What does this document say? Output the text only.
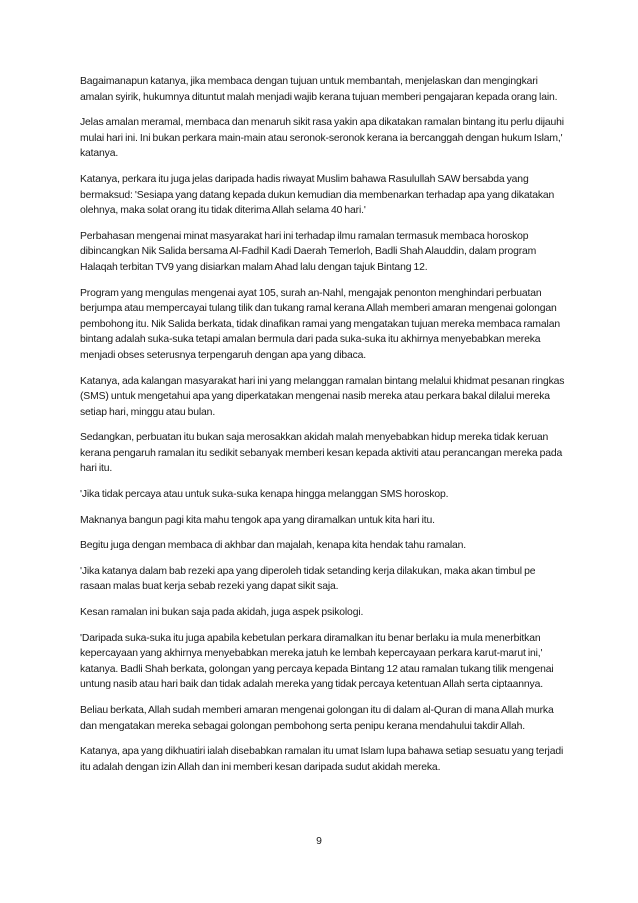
Bagaimanapun katanya, jika membaca dengan tujuan untuk membantah, menjelaskan dan mengingkari amalan syirik, hukumnya dituntut malah menjadi wajib kerana tujuan memberi pengajaran kepada orang lain.

Jelas amalan meramal, membaca dan menaruh sikit rasa yakin apa dikatakan ramalan bintang itu perlu dijauhi mulai hari ini. Ini bukan perkara main-main atau seronok-seronok kerana ia bercanggah dengan hukum Islam,' katanya.

Katanya, perkara itu juga jelas daripada hadis riwayat Muslim bahawa Rasulullah SAW bersabda yang bermaksud: 'Sesiapa yang datang kepada dukun kemudian dia membenarkan terhadap apa yang dikatakan olehnya, maka solat orang itu tidak diterima Allah selama 40 hari.'

Perbahasan mengenai minat masyarakat hari ini terhadap ilmu ramalan termasuk membaca horoskop dibincangkan Nik Salida bersama Al-Fadhil Kadi Daerah Temerloh, Badli Shah Alauddin, dalam program Halaqah terbitan TV9 yang disiarkan malam Ahad lalu dengan tajuk Bintang 12.

Program yang mengulas mengenai ayat 105, surah an-Nahl, mengajak penonton menghindari perbuatan berjumpa atau mempercayai tulang tilik dan tukang ramal kerana Allah memberi amaran mengenai golongan pembohong itu. Nik Salida berkata, tidak dinafikan ramai yang mengatakan tujuan mereka membaca ramalan bintang adalah suka-suka tetapi amalan bermula dari pada suka-suka itu akhirnya menyebabkan mereka menjadi obses seterusnya terpengaruh dengan apa yang dibaca.

Katanya, ada kalangan masyarakat hari ini yang melanggan ramalan bintang melalui khidmat pesanan ringkas (SMS) untuk mengetahui apa yang diperkatakan mengenai nasib mereka atau perkara bakal dilalui mereka setiap hari, minggu atau bulan.

Sedangkan, perbuatan itu bukan saja merosakkan akidah malah menyebabkan hidup mereka tidak keruan kerana pengaruh ramalan itu sedikit sebanyak memberi kesan kepada aktiviti atau perancangan mereka pada hari itu.

'Jika tidak percaya atau untuk suka-suka kenapa hingga melanggan SMS horoskop.

Maknanya bangun pagi kita mahu tengok apa yang diramalkan untuk kita hari itu.

Begitu juga dengan membaca di akhbar dan majalah, kenapa kita hendak tahu ramalan.

'Jika katanya dalam bab rezeki apa yang diperoleh tidak setanding kerja dilakukan, maka akan timbul pe rasaan malas buat kerja sebab rezeki yang dapat sikit saja.

Kesan ramalan ini bukan saja pada akidah, juga aspek psikologi.

'Daripada suka-suka itu juga apabila kebetulan perkara diramalkan itu benar berlaku ia mula menerbitkan kepercayaan yang akhirnya menyebabkan mereka jatuh ke lembah kepercayaan perkara karut-marut ini,' katanya. Badli Shah berkata, golongan yang percaya kepada Bintang 12 atau ramalan tukang tilik mengenai untung nasib atau hari baik dan tidak adalah mereka yang tidak percaya ketentuan Allah serta ciptaannya.

Beliau berkata, Allah sudah memberi amaran mengenai golongan itu di dalam al-Quran di mana Allah murka dan mengatakan mereka sebagai golongan pembohong serta penipu kerana mendahului takdir Allah.

Katanya, apa yang dikhuatiri ialah disebabkan ramalan itu umat Islam lupa bahawa setiap sesuatu yang terjadi itu adalah dengan izin Allah dan ini memberi kesan daripada sudut akidah mereka.

9
